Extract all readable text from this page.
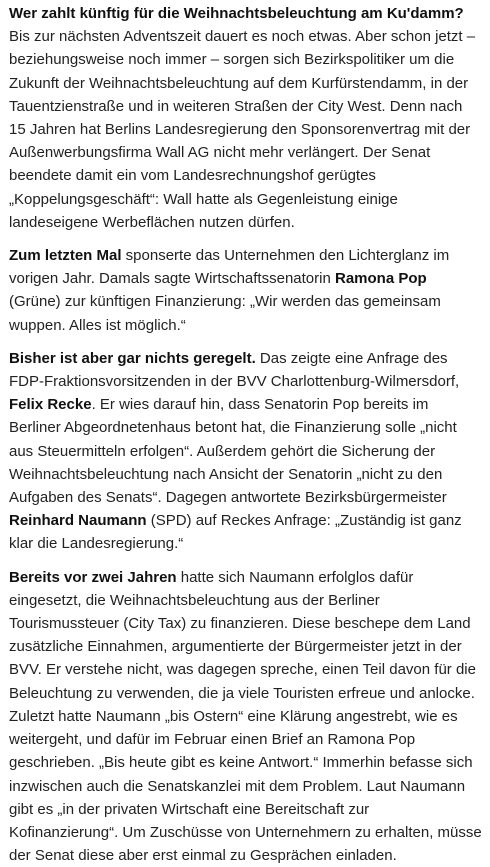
Wer zahlt künftig für die Weihnachtsbeleuchtung am Ku'damm? Bis zur nächsten Adventszeit dauert es noch etwas. Aber schon jetzt – beziehungsweise noch immer – sorgen sich Bezirkspolitiker um die Zukunft der Weihnachtsbeleuchtung auf dem Kurfürstendamm, in der Tauentzienstraße und in weiteren Straßen der City West. Denn nach 15 Jahren hat Berlins Landesregierung den Sponsorenvertrag mit der Außenwerbungsfirma Wall AG nicht mehr verlängert. Der Senat beendete damit ein vom Landesrechnungshof gerügtes „Koppelungsgeschäft“: Wall hatte als Gegenleistung einige landeseigene Werbeflächen nutzen dürfen.

Zum letzten Mal sponserte das Unternehmen den Lichterglanz im vorigen Jahr. Damals sagte Wirtschaftssenatorin Ramona Pop (Grüne) zur künftigen Finanzierung: „Wir werden das gemeinsam wuppen. Alles ist möglich.“

Bisher ist aber gar nichts geregelt. Das zeigte eine Anfrage des FDP-Fraktionsvorsitzenden in der BVV Charlottenburg-Wilmersdorf, Felix Recke. Er wies darauf hin, dass Senatorin Pop bereits im Berliner Abgeordnetenhaus betont hat, die Finanzierung solle „nicht aus Steuermitteln erfolgen“. Außerdem gehört die Sicherung der Weihnachtsbeleuchtung nach Ansicht der Senatorin „nicht zu den Aufgaben des Senats“. Dagegen antwortete Bezirksbürgermeister Reinhard Naumann (SPD) auf Reckes Anfrage: „Zuständig ist ganz klar die Landesregierung.“

Bereits vor zwei Jahren hatte sich Naumann erfolglos dafür eingesetzt, die Weihnachtsbeleuchtung aus der Berliner Tourismussteuer (City Tax) zu finanzieren. Diese bescheре dem Land zusätzliche Einnahmen, argumentierte der Bürgermeister jetzt in der BVV. Er verstehe nicht, was dagegen spreche, einen Teil davon für die Beleuchtung zu verwenden, die ja viele Touristen erfreue und anlocke. Zuletzt hatte Naumann „bis Ostern“ eine Klärung angestrebt, wie es weitergeht, und dafür im Februar einen Brief an Ramona Pop geschrieben. „Bis heute gibt es keine Antwort.“ Immerhin befasse sich inzwischen auch die Senatskanzlei mit dem Problem. Laut Naumann gibt es „in der privaten Wirtschaft eine Bereitschaft zur Kofinanzierung“. Um Zuschüsse von Unternehmern zu erhalten, müsse der Senat diese aber erst einmal zu Gesprächen einladen.
